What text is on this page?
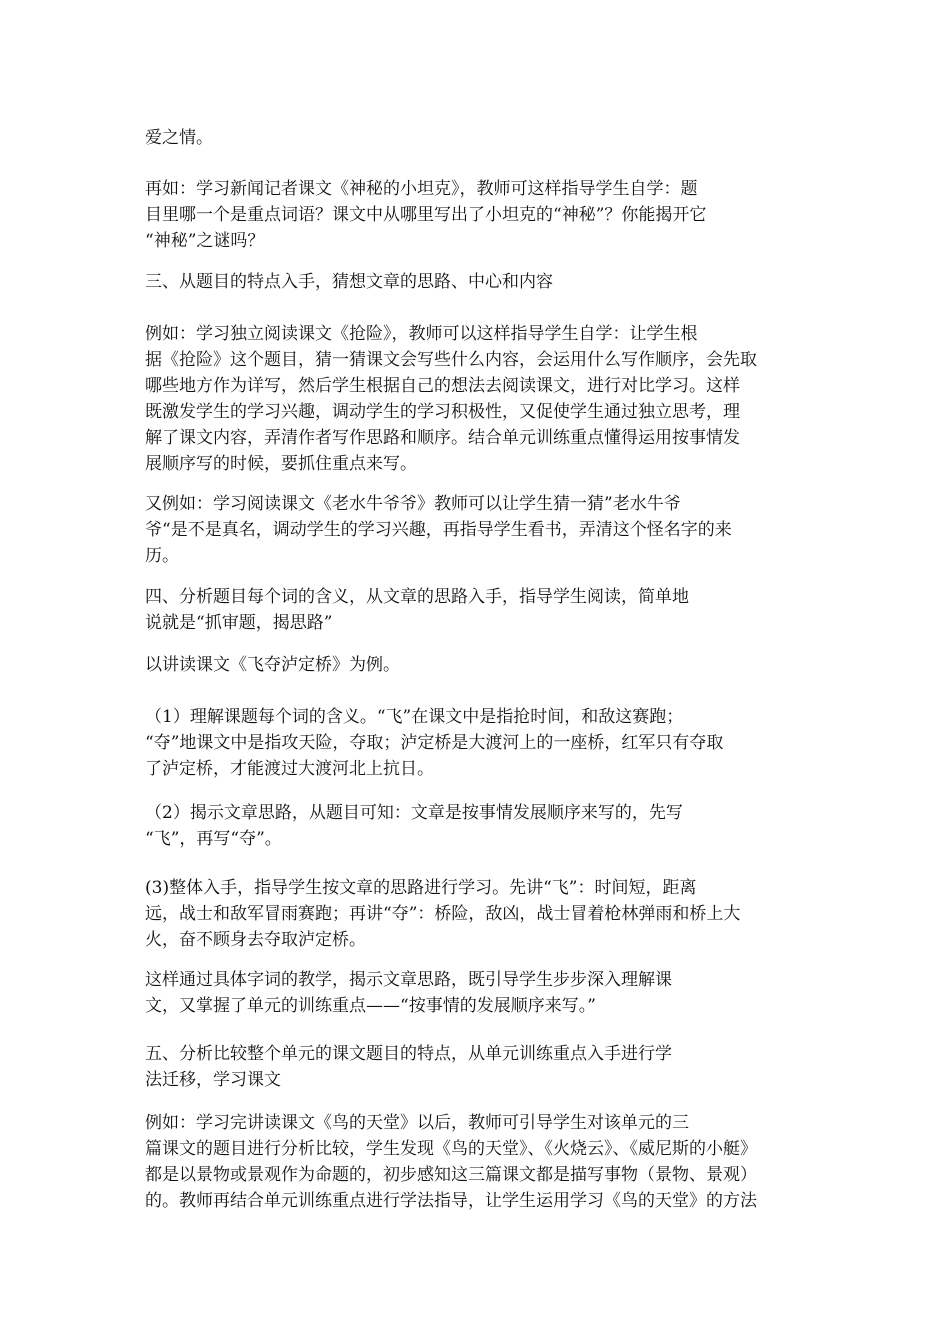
爱之情。

再如：学习新闻记者课文《神秘的小坦克》，教师可这样指导学生自学：题
目里哪一个是重点词语？课文中从哪里写出了小坦克的“神秘”？你能揭开它
“神秘”之谜吗？

三、从题目的特点入手，猜想文章的思路、中心和内容

例如：学习独立阅读课文《抢险》，教师可以这样指导学生自学：让学生根
据《抢险》这个题目，猜一猜课文会写些什么内容，会运用什么写作顺序，会先取
哪些地方作为详写，然后学生根据自己的想法去阅读课文，进行对比学习。这样
既激发学生的学习兴趣，调动学生的学习积极性，又促使学生通过独立思考，理
解了课文内容，弄清作者写作思路和顺序。结合单元训练重点懂得运用按事情发
展顺序写的时候，要抓住重点来写。

又例如：学习阅读课文《老水牛爷爷》教师可以让学生猜一猜”老水牛爷
爷“是不是真名，调动学生的学习兴趣，再指导学生看书，弄清这个怪名字的来
历。

四、分析题目每个词的含义，从文章的思路入手，指导学生阅读，简单地
说就是“抓审题，揭思路”

以讲读课文《飞夺泸定桥》为例。

（1）理解课题每个词的含义。“飞”在课文中是指抢时间，和敌这赛跑；
“夺”地课文中是指攻天险，夺取；泸定桥是大渡河上的一座桥，红军只有夺取
了泸定桥，才能渡过大渡河北上抗日。

（2）揭示文章思路，从题目可知：文章是按事情发展顺序来写的，先写
“飞”，再写“夺”。

(3)整体入手，指导学生按文章的思路进行学习。先讲“飞”：时间短，距离
远，战士和敌军冒雨赛跑；再讲“夺”：桥险，敌凶，战士冒着枪林弹雨和桥上大
火，奋不顾身去夺取泸定桥。

这样通过具体字词的教学，揭示文章思路，既引导学生步步深入理解课
文，又掌握了单元的训练重点——“按事情的发展顺序来写。”

五、分析比较整个单元的课文题目的特点，从单元训练重点入手进行学
法迁移，学习课文

例如：学习完讲读课文《鸟的天堂》以后，教师可引导学生对该单元的三
篇课文的题目进行分析比较，学生发现《鸟的天堂》、《火烧云》、《威尼斯的小艇》
都是以景物或景观作为命题的，初步感知这三篇课文都是描写事物（景物、景观）
的。教师再结合单元训练重点进行学法指导，让学生运用学习《鸟的天堂》的方法
